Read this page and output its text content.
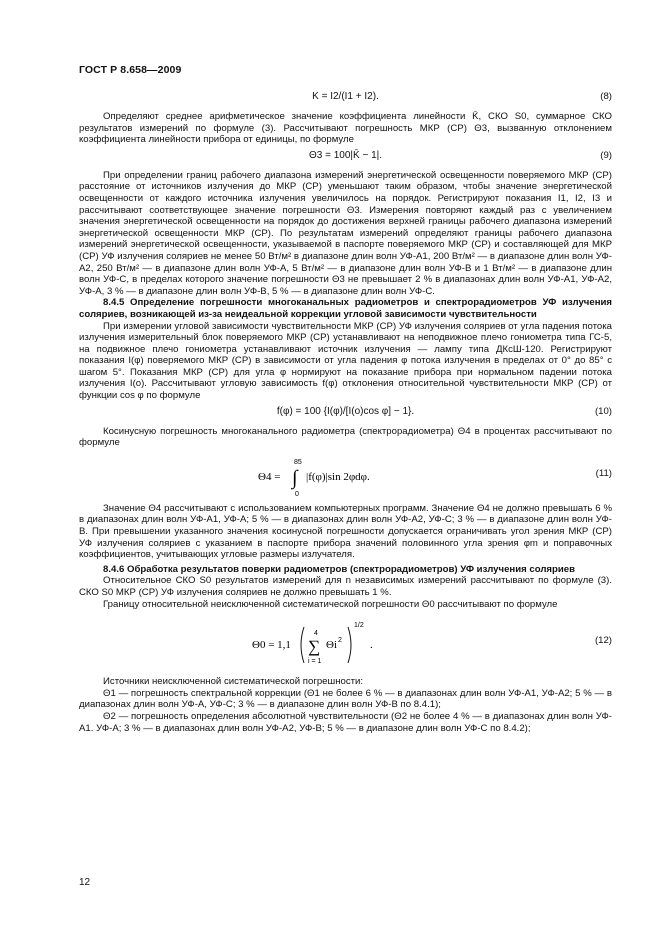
ГОСТ Р 8.658—2009
K = I2/(I1 + I2).	(8)

Определяют среднее арифметическое значение коэффициента линейности K̄, СКО S0, суммарное СКО результатов измерений по формуле (3). Рассчитывают погрешность МКР (СР) Θ3, вызванную отклонением коэффициента линейности прибора от единицы, по формуле

Θ3 = 100|K̄ − 1|.	(9)

При определении границ рабочего диапазона измерений энергетической освещенности поверяемого МКР (СР) расстояние от источников излучения до МКР (СР) уменьшают таким образом, чтобы значение энергетической освещенности от каждого источника излучения увеличилось на порядок. Регистрируют показания I1, I2, I3 и рассчитывают соответствующее значение погрешности Θ3. Измерения повторяют каждый раз с увеличением значения энергетической освещенности на порядок до достижения верхней границы рабочего диапазона измерений энергетической освещенности МКР (СР). По результатам измерений определяют границы рабочего диапазона измерений энергетической освещенности, указываемой в паспорте поверяемого МКР (СР) и составляющей для МКР (СР) УФ излучения соляриев не менее 50 Вт/м² в диапазоне длин волн УФ-А1, 200 Вт/м² — в диапазоне длин волн УФ-А2, 250 Вт/м² — в диапазоне длин волн УФ-А, 5 Вт/м² — в диапазоне длин волн УФ-В и 1 Вт/м² — в диапазоне длин волн УФ-С, в пределах которого значение погрешности Θ3 не превышает 2 % в диапазонах длин волн УФ-А1, УФ-А2, УФ-А, 3 % — в диапазоне длин волн УФ-В, 5 % — в диапазоне длин волн УФ-С.

8.4.5 Определение погрешности многоканальных радиометров и спектрорадиометров УФ излучения соляриев, возникающей из-за неидеальной коррекции угловой зависимости чувствительности

При измерении угловой зависимости чувствительности МКР (СР) УФ излучения соляриев от угла падения потока излучения измерительный блок поверяемого МКР (СР) устанавливают на неподвижное плечо гониометра типа ГС-5, на подвижное плечо гониометра устанавливают источник излучения — лампу типа ДКсШ-120. Регистрируют показания I(φ) поверяемого МКР (СР) в зависимости от угла падения φ потока излучения в пределах от 0° до 85° с шагом 5°. Показания МКР (СР) для угла φ нормируют на показание прибора при нормальном падении потока излучения I(o). Рассчитывают угловую зависимость f(φ) отклонения относительной чувствительности МКР (СР) от функции cos φ по формуле

f(φ) = 100 {I(φ)/[I(o)cos φ] − 1}.	(10)

Косинусную погрешность многоканального радиометра (спектрорадиометра) Θ4 в процентах рассчитывают по формуле

Θ4 =
85
∫
0
|f(φ)|sin 2φdφ.	(11)

Значение Θ4 рассчитывают с использованием компьютерных программ. Значение Θ4 не должно превышать 6 % в диапазонах длин волн УФ-А1, УФ-А; 5 % — в диапазонах длин волн УФ-А2, УФ-С; 3 % — в диапазоне длин волн УФ-В. При превышении указанного значения косинусной погрешности допускается ограничивать угол зрения МКР (СР) УФ излучения соляриев с указанием в паспорте прибора значений половинного угла зрения φm и поправочных коэффициентов, учитывающих угловые размеры излучателя.

8.4.6 Обработка результатов поверки радиометров (спектрорадиометров) УФ излучения соляриев

Относительное СКО S0 результатов измерений для n независимых измерений рассчитывают по формуле (3). СКО S0 МКР (СР) УФ излучения соляриев не должно превышать 1 %.

Границу относительной неисключенной систематической погрешности Θ0 рассчитывают по формуле

Θ0 = 1,1
4
∑
i = 1
Θi 2
1/2
.	(12)

Источники неисключенной систематической погрешности:

Θ1 — погрешность спектральной коррекции (Θ1 не более 6 % — в диапазонах длин волн УФ-А1, УФ-А2; 5 % — в диапазонах длин волн УФ-А, УФ-С; 3 % — в диапазоне длин волн УФ-В по 8.4.1);

Θ2 — погрешность определения абсолютной чувствительности (Θ2 не более 4 % — в диапазонах длин волн УФ-А1. УФ-А; 3 % — в диапазонах длин волн УФ-А2, УФ-В; 5 % — в диапазоне длин волн УФ-С по 8.4.2);

12
